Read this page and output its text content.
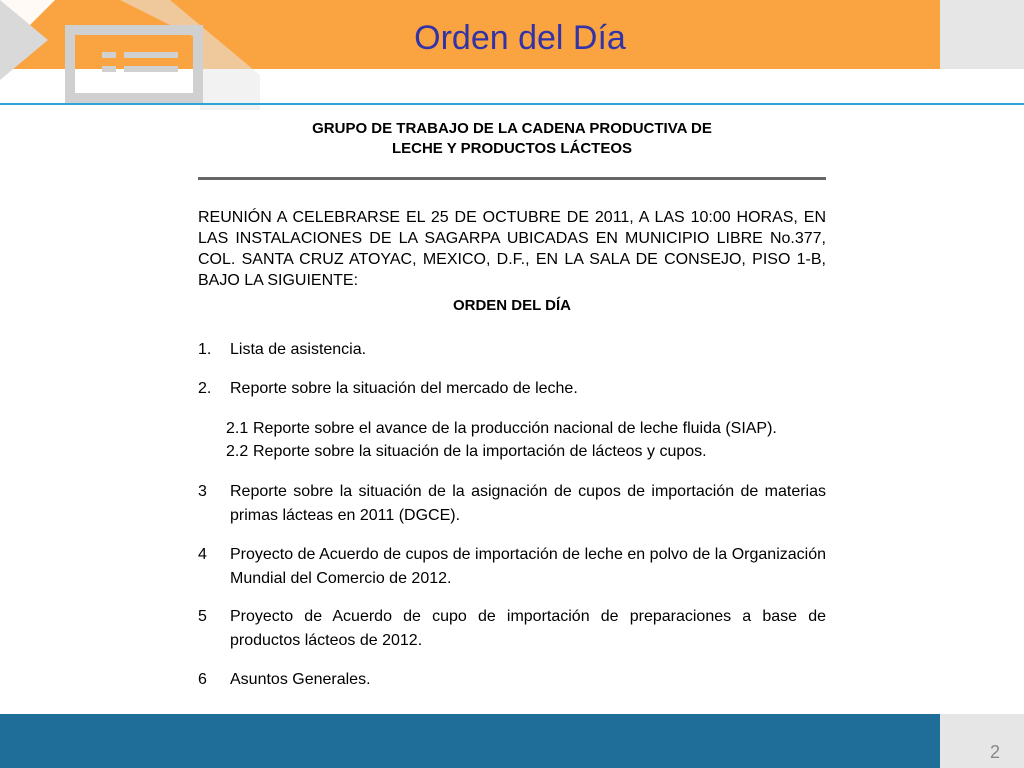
Orden del Día
GRUPO DE TRABAJO DE LA CADENA PRODUCTIVA DE
LECHE Y PRODUCTOS LÁCTEOS
REUNIÓN A CELEBRARSE EL 25 DE OCTUBRE DE 2011, A LAS 10:00 HORAS, EN LAS INSTALACIONES DE LA SAGARPA UBICADAS EN MUNICIPIO LIBRE No.377, COL. SANTA CRUZ ATOYAC, MEXICO, D.F., EN LA SALA DE CONSEJO, PISO 1-B, BAJO LA SIGUIENTE:
ORDEN DEL DÍA
1.	Lista de asistencia.
2.	Reporte sobre la situación del mercado de leche.
2.1 Reporte sobre el avance de la producción nacional de leche fluida (SIAP).
2.2 Reporte sobre la situación de la importación de lácteos y cupos.
3	Reporte sobre la situación de la asignación de cupos de importación de materias primas lácteas en 2011 (DGCE).
4	Proyecto de Acuerdo de cupos de importación de leche en polvo de la Organización Mundial del Comercio de 2012.
5	Proyecto de Acuerdo de cupo de importación de preparaciones a base de productos lácteos de 2012.
6	Asuntos Generales.
2
